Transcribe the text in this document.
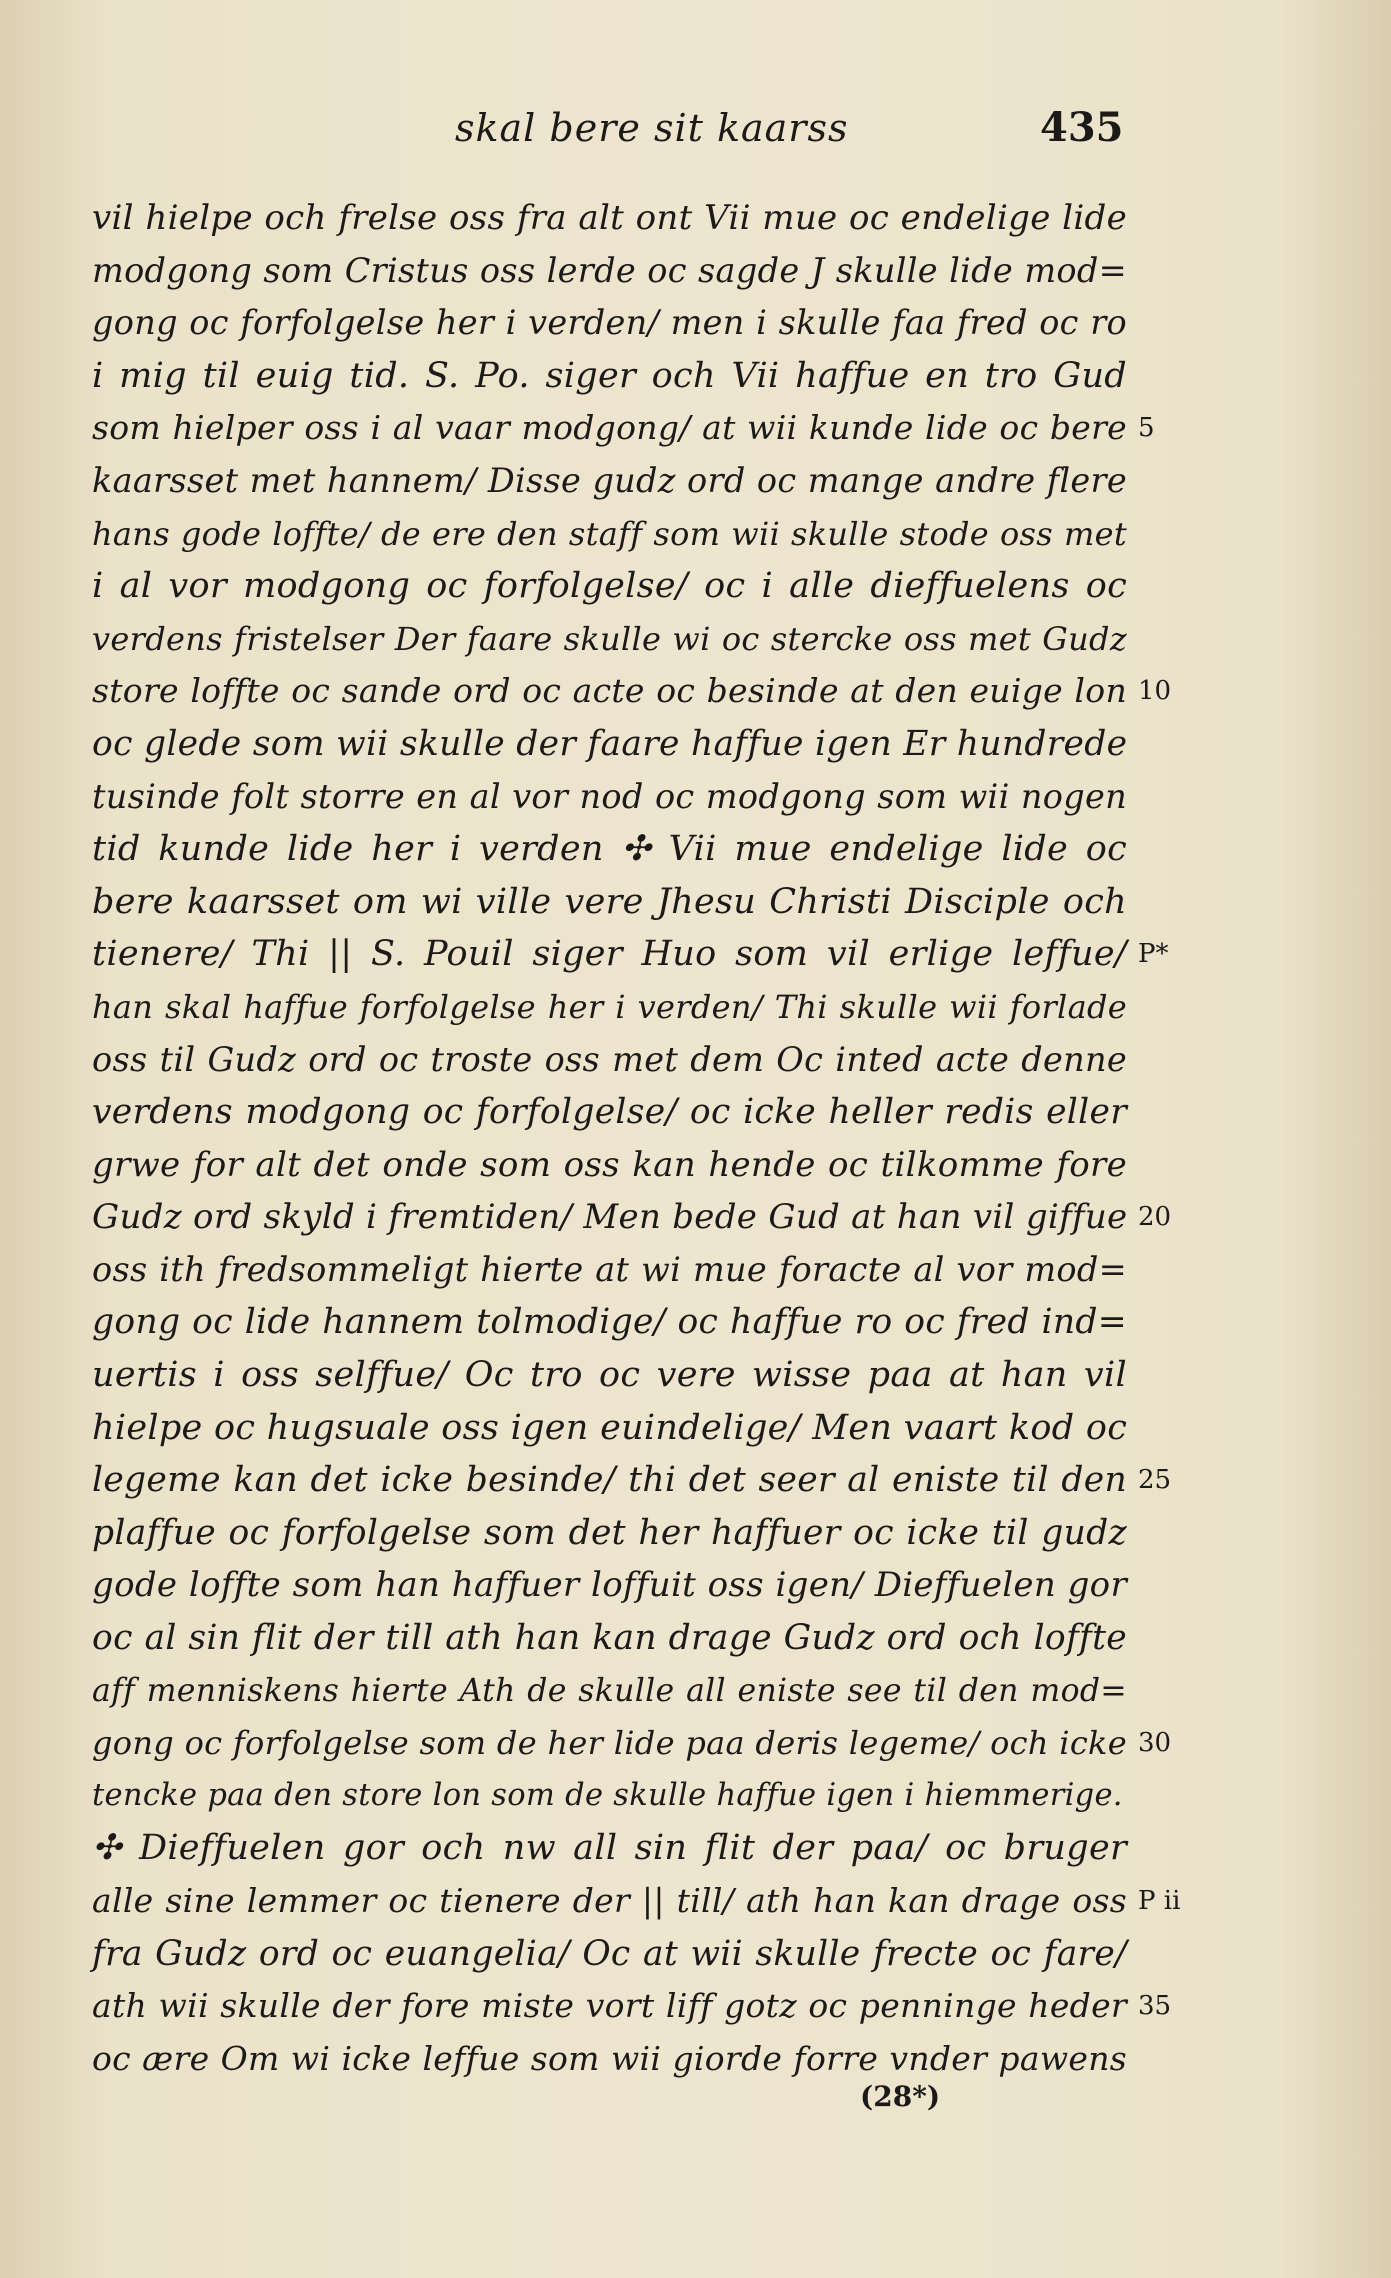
skal bere sit kaarss	435
vil hielpe och frelse oss fra alt ont Vii mue oc endelige lide
modgong som Cristus oss lerde oc sagde J skulle lide mod=
gong oc forfolgelse her i verden/ men i skulle faa fred oc ro
i mig til euig tid. S. Po. siger och Vii haffue en tro Gud
som hielper oss i al vaar modgong/ at wii kunde lide oc bere
kaarsset met hannem/ Disse gudz ord oc mange andre flere
hans gode loffte/ de ere den staff som wii skulle stode oss met
i al vor modgong oc forfolgelse/ oc i alle dieffuelens oc
verdens fristelser Der faare skulle wi oc stercke oss met Gudz
store loffte oc sande ord oc acte oc besinde at den euige lon
oc glede som wii skulle der faare haffue igen Er hundrede
tusinde folt storre en al vor nod oc modgong som wii nogen
tid kunde lide her i verden ✣ Vii mue endelige lide oc
bere kaarsset om wi ville vere Jhesu Christi Disciple och
tienere/ Thi || S. Pouil siger Huo som vil erlige leffue/
han skal haffue forfolgelse her i verden/ Thi skulle wii forlade
oss til Gudz ord oc troste oss met dem Oc inted acte denne
verdens modgong oc forfolgelse/ oc icke heller redis eller
grwe for alt det onde som oss kan hende oc tilkomme fore
Gudz ord skyld i fremtiden/ Men bede Gud at han vil giffue
oss ith fredsommeligt hierte at wi mue foracte al vor mod=
gong oc lide hannem tolmodige/ oc haffue ro oc fred ind=
uertis i oss selffue/ Oc tro oc vere wisse paa at han vil
hielpe oc hugsuale oss igen euindelige/ Men vaart kod oc
legeme kan det icke besinde/ thi det seer al eniste til den
plaffue oc forfolgelse som det her haffuer oc icke til gudz
gode loffte som han haffuer loffuit oss igen/ Dieffuelen gor
oc al sin flit der till ath han kan drage Gudz ord och loffte
aff menniskens hierte Ath de skulle all eniste see til den mod=
gong oc forfolgelse som de her lide paa deris legeme/ och icke
tencke paa den store lon som de skulle haffue igen i hiemmerige.
✣ Dieffuelen gor och nw all sin flit der paa/ oc bruger
alle sine lemmer oc tienere der || till/ ath han kan drage oss
fra Gudz ord oc euangelia/ Oc at wii skulle frecte oc fare/
ath wii skulle der fore miste vort liff gotz oc penninge heder
oc ære Om wi icke leffue som wii giorde forre vnder pawens
5
10
P*
20
25
30
P ii
35
(28*)
